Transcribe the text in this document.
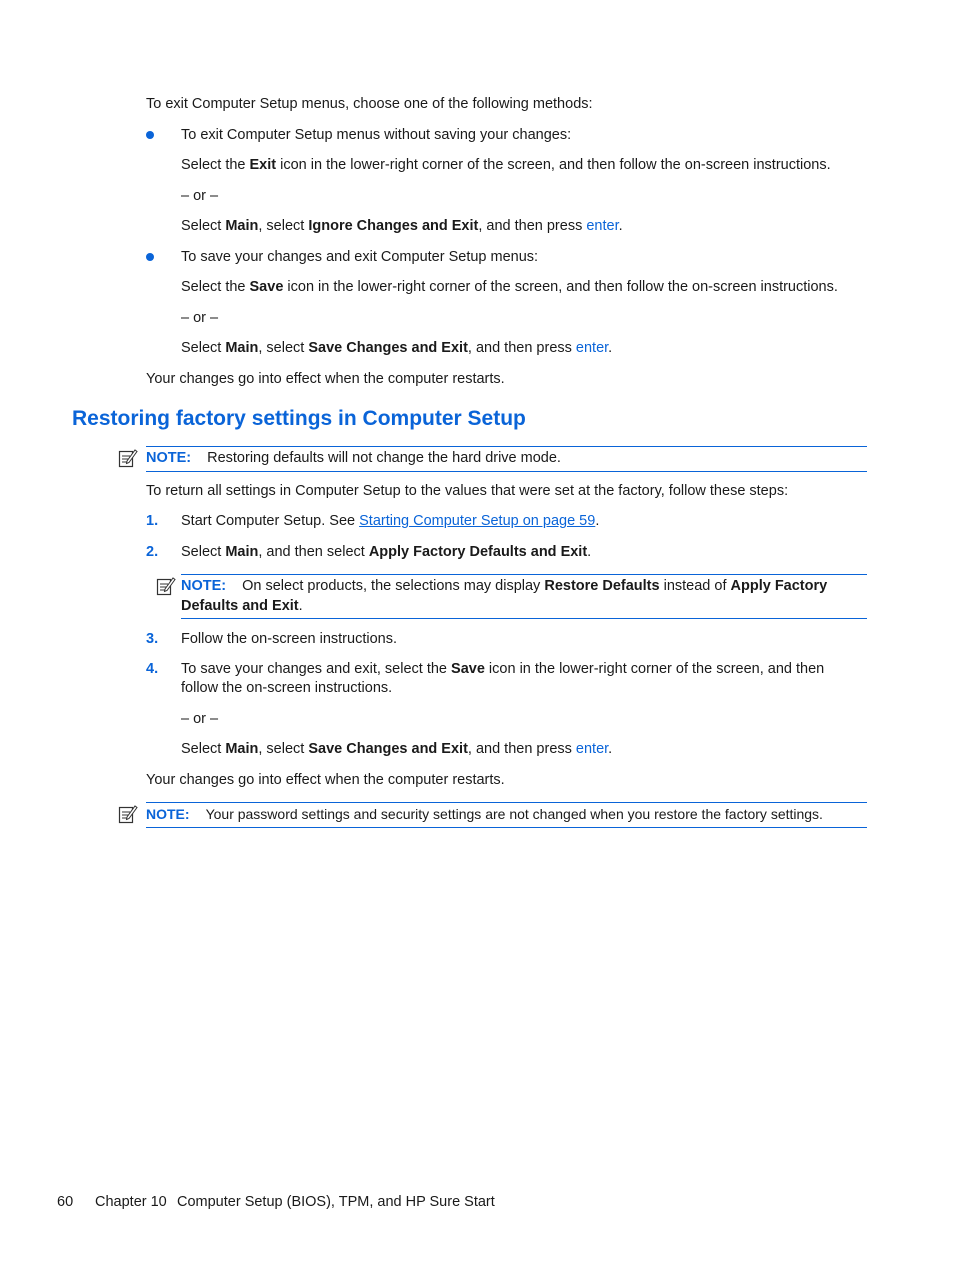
To exit Computer Setup menus, choose one of the following methods:
To exit Computer Setup menus without saving your changes:
Select the Exit icon in the lower-right corner of the screen, and then follow the on-screen instructions.
– or –
Select Main, select Ignore Changes and Exit, and then press enter.
To save your changes and exit Computer Setup menus:
Select the Save icon in the lower-right corner of the screen, and then follow the on-screen instructions.
– or –
Select Main, select Save Changes and Exit, and then press enter.
Your changes go into effect when the computer restarts.
Restoring factory settings in Computer Setup
NOTE: Restoring defaults will not change the hard drive mode.
To return all settings in Computer Setup to the values that were set at the factory, follow these steps:
1. Start Computer Setup. See Starting Computer Setup on page 59.
2. Select Main, and then select Apply Factory Defaults and Exit.
NOTE: On select products, the selections may display Restore Defaults instead of Apply Factory
Defaults and Exit.
3. Follow the on-screen instructions.
4. To save your changes and exit, select the Save icon in the lower-right corner of the screen, and then
follow the on-screen instructions.
– or –
Select Main, select Save Changes and Exit, and then press enter.
Your changes go into effect when the computer restarts.
NOTE: Your password settings and security settings are not changed when you restore the factory settings.
60 Chapter 10 Computer Setup (BIOS), TPM, and HP Sure Start
